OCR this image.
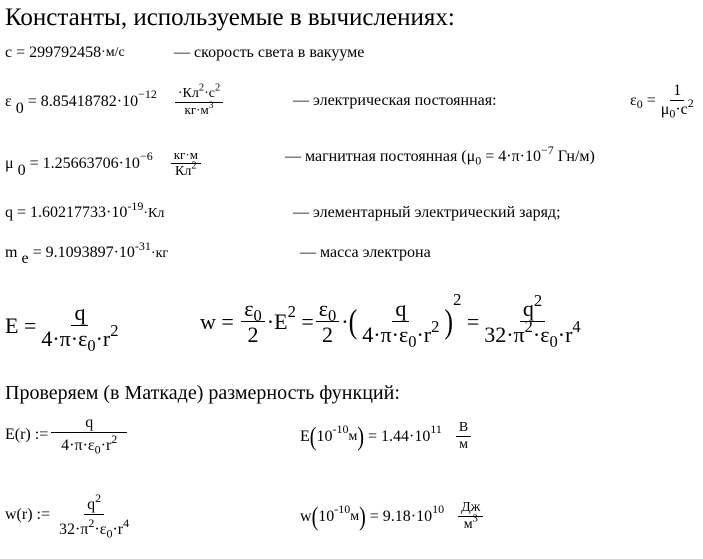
Константы, используемые в вычислениях:
c = 299792458 ·м/с	— скорость света в вакууме
ε $0 = 8.85418782\cdot 10^{-12} \cdot Кл^2\cdot с^2$
$кг\cdot м^3$	— электрическая постоянная:	$\varepsilon_0$
= $\frac{1}{\mu_0\cdot c^2}$
μ $0 = 1.25663706\cdot 10^{-6}$ кг·м
$Кл^2$
— магнитная постоянная ($\mu_0 = 4\cdot\pi\cdot 10^{-7}$ Гн/м)
$q = 1.60217733\cdot 10^{-19}\cdot Кл$	— элементарный электрический заряд;
m $e = 9.1093897\cdot 10^{-31}\cdot кг$	— масса электрона
$E = \frac{q}{4\cdot\pi\cdot\varepsilon_0\cdot r^2}$	w =
$\frac{\varepsilon_0}{2} \cdot E^2$
= $\frac{\varepsilon_0}{2}$ · ( q
$4\cdot\pi\cdot\varepsilon_0\cdot r^2$ )
$^2$

= $\frac{q^2}{32\cdot\pi^2\cdot\varepsilon_0\cdot r^4}$
Проверяем (в Маткаде) размерность функций:
E(r) :=
$\frac{q}{4\cdot\pi\cdot\varepsilon_0\cdot r^2}$	E ( $10^{-10}$ м )
= $1.44\cdot 10^{11}$ В
м
w(r) :=
$\frac{q^2}{32\cdot\pi^2\cdot\varepsilon_0\cdot r^4}$	w ( $10^{-10}$ м )
= $9.18\cdot 10^{10}$ Дж
$м^3$
